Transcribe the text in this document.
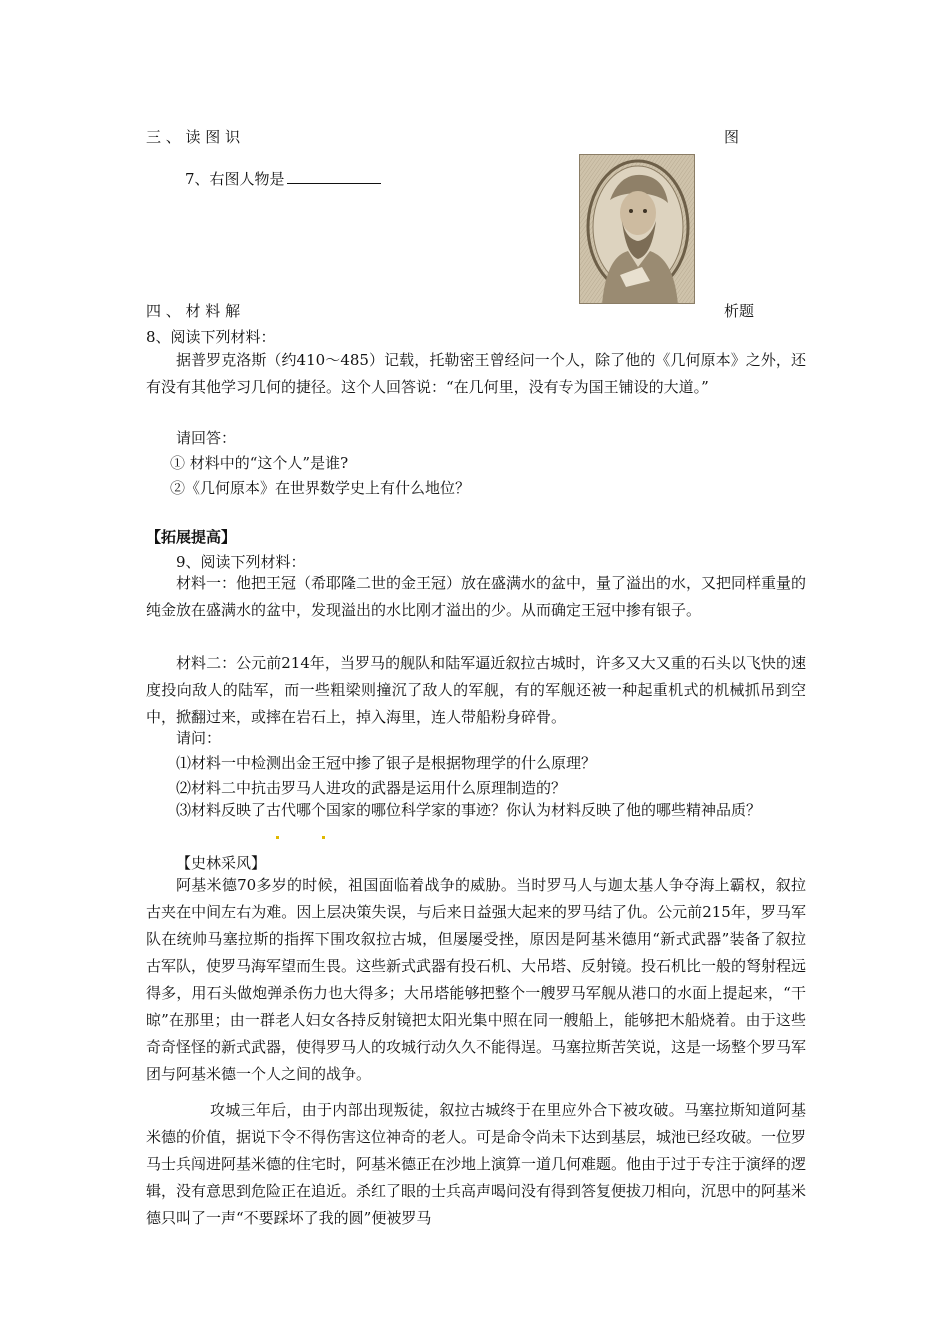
三 、 读 图 识	图
7、右图人物是
四 、 材 料 解	析题
8、阅读下列材料：
据普罗克洛斯（约410～485）记载，托勒密王曾经问一个人，除了他的《几何原本》之外，还有没有其他学习几何的捷径。这个人回答说：“在几何里，没有专为国王铺设的大道。”
请回答：
① 材料中的“这个人”是谁?
②《几何原本》在世界数学史上有什么地位？
【拓展提高】
9、阅读下列材料：
材料一：他把王冠（希耶隆二世的金王冠）放在盛满水的盆中，量了溢出的水，又把同样重量的纯金放在盛满水的盆中，发现溢出的水比刚才溢出的少。从而确定王冠中掺有银子。
材料二：公元前214年，当罗马的舰队和陆军逼近叙拉古城时，许多又大又重的石头以飞快的速度投向敌人的陆军，而一些粗梁则撞沉了敌人的军舰，有的军舰还被一种起重机式的机械抓吊到空中，掀翻过来，或摔在岩石上，掉入海里，连人带船粉身碎骨。
请问：
⑴材料一中检测出金王冠中掺了银子是根据物理学的什么原理？
⑵材料二中抗击罗马人进攻的武器是运用什么原理制造的？
⑶材料反映了古代哪个国家的哪位科学家的事迹？你认为材料反映了他的哪些精神品质？
【史林采风】
阿基米德70多岁的时候，祖国面临着战争的威胁。当时罗马人与迦太基人争夺海上霸权，叙拉古夹在中间左右为难。因上层决策失误，与后来日益强大起来的罗马结了仇。公元前215年，罗马军队在统帅马塞拉斯的指挥下围攻叙拉古城，但屡屡受挫，原因是阿基米德用“新式武器”装备了叙拉古军队，使罗马海军望而生畏。这些新式武器有投石机、大吊塔、反射镜。投石机比一般的弩射程远得多，用石头做炮弹杀伤力也大得多；大吊塔能够把整个一艘罗马军舰从港口的水面上提起来，“干晾”在那里；由一群老人妇女各持反射镜把太阳光集中照在同一艘船上，能够把木船烧着。由于这些奇奇怪怪的新式武器，使得罗马人的攻城行动久久不能得逞。马塞拉斯苦笑说，这是一场整个罗马军团与阿基米德一个人之间的战争。
攻城三年后，由于内部出现叛徒，叙拉古城终于在里应外合下被攻破。马塞拉斯知道阿基米德的价值，据说下令不得伤害这位神奇的老人。可是命令尚未下达到基层，城池已经攻破。一位罗马士兵闯进阿基米德的住宅时，阿基米德正在沙地上演算一道几何难题。他由于过于专注于演绎的逻辑，没有意思到危险正在追近。杀红了眼的士兵高声喝问没有得到答复便拔刀相向，沉思中的阿基米德只叫了一声“不要踩坏了我的圆”便被罗马
